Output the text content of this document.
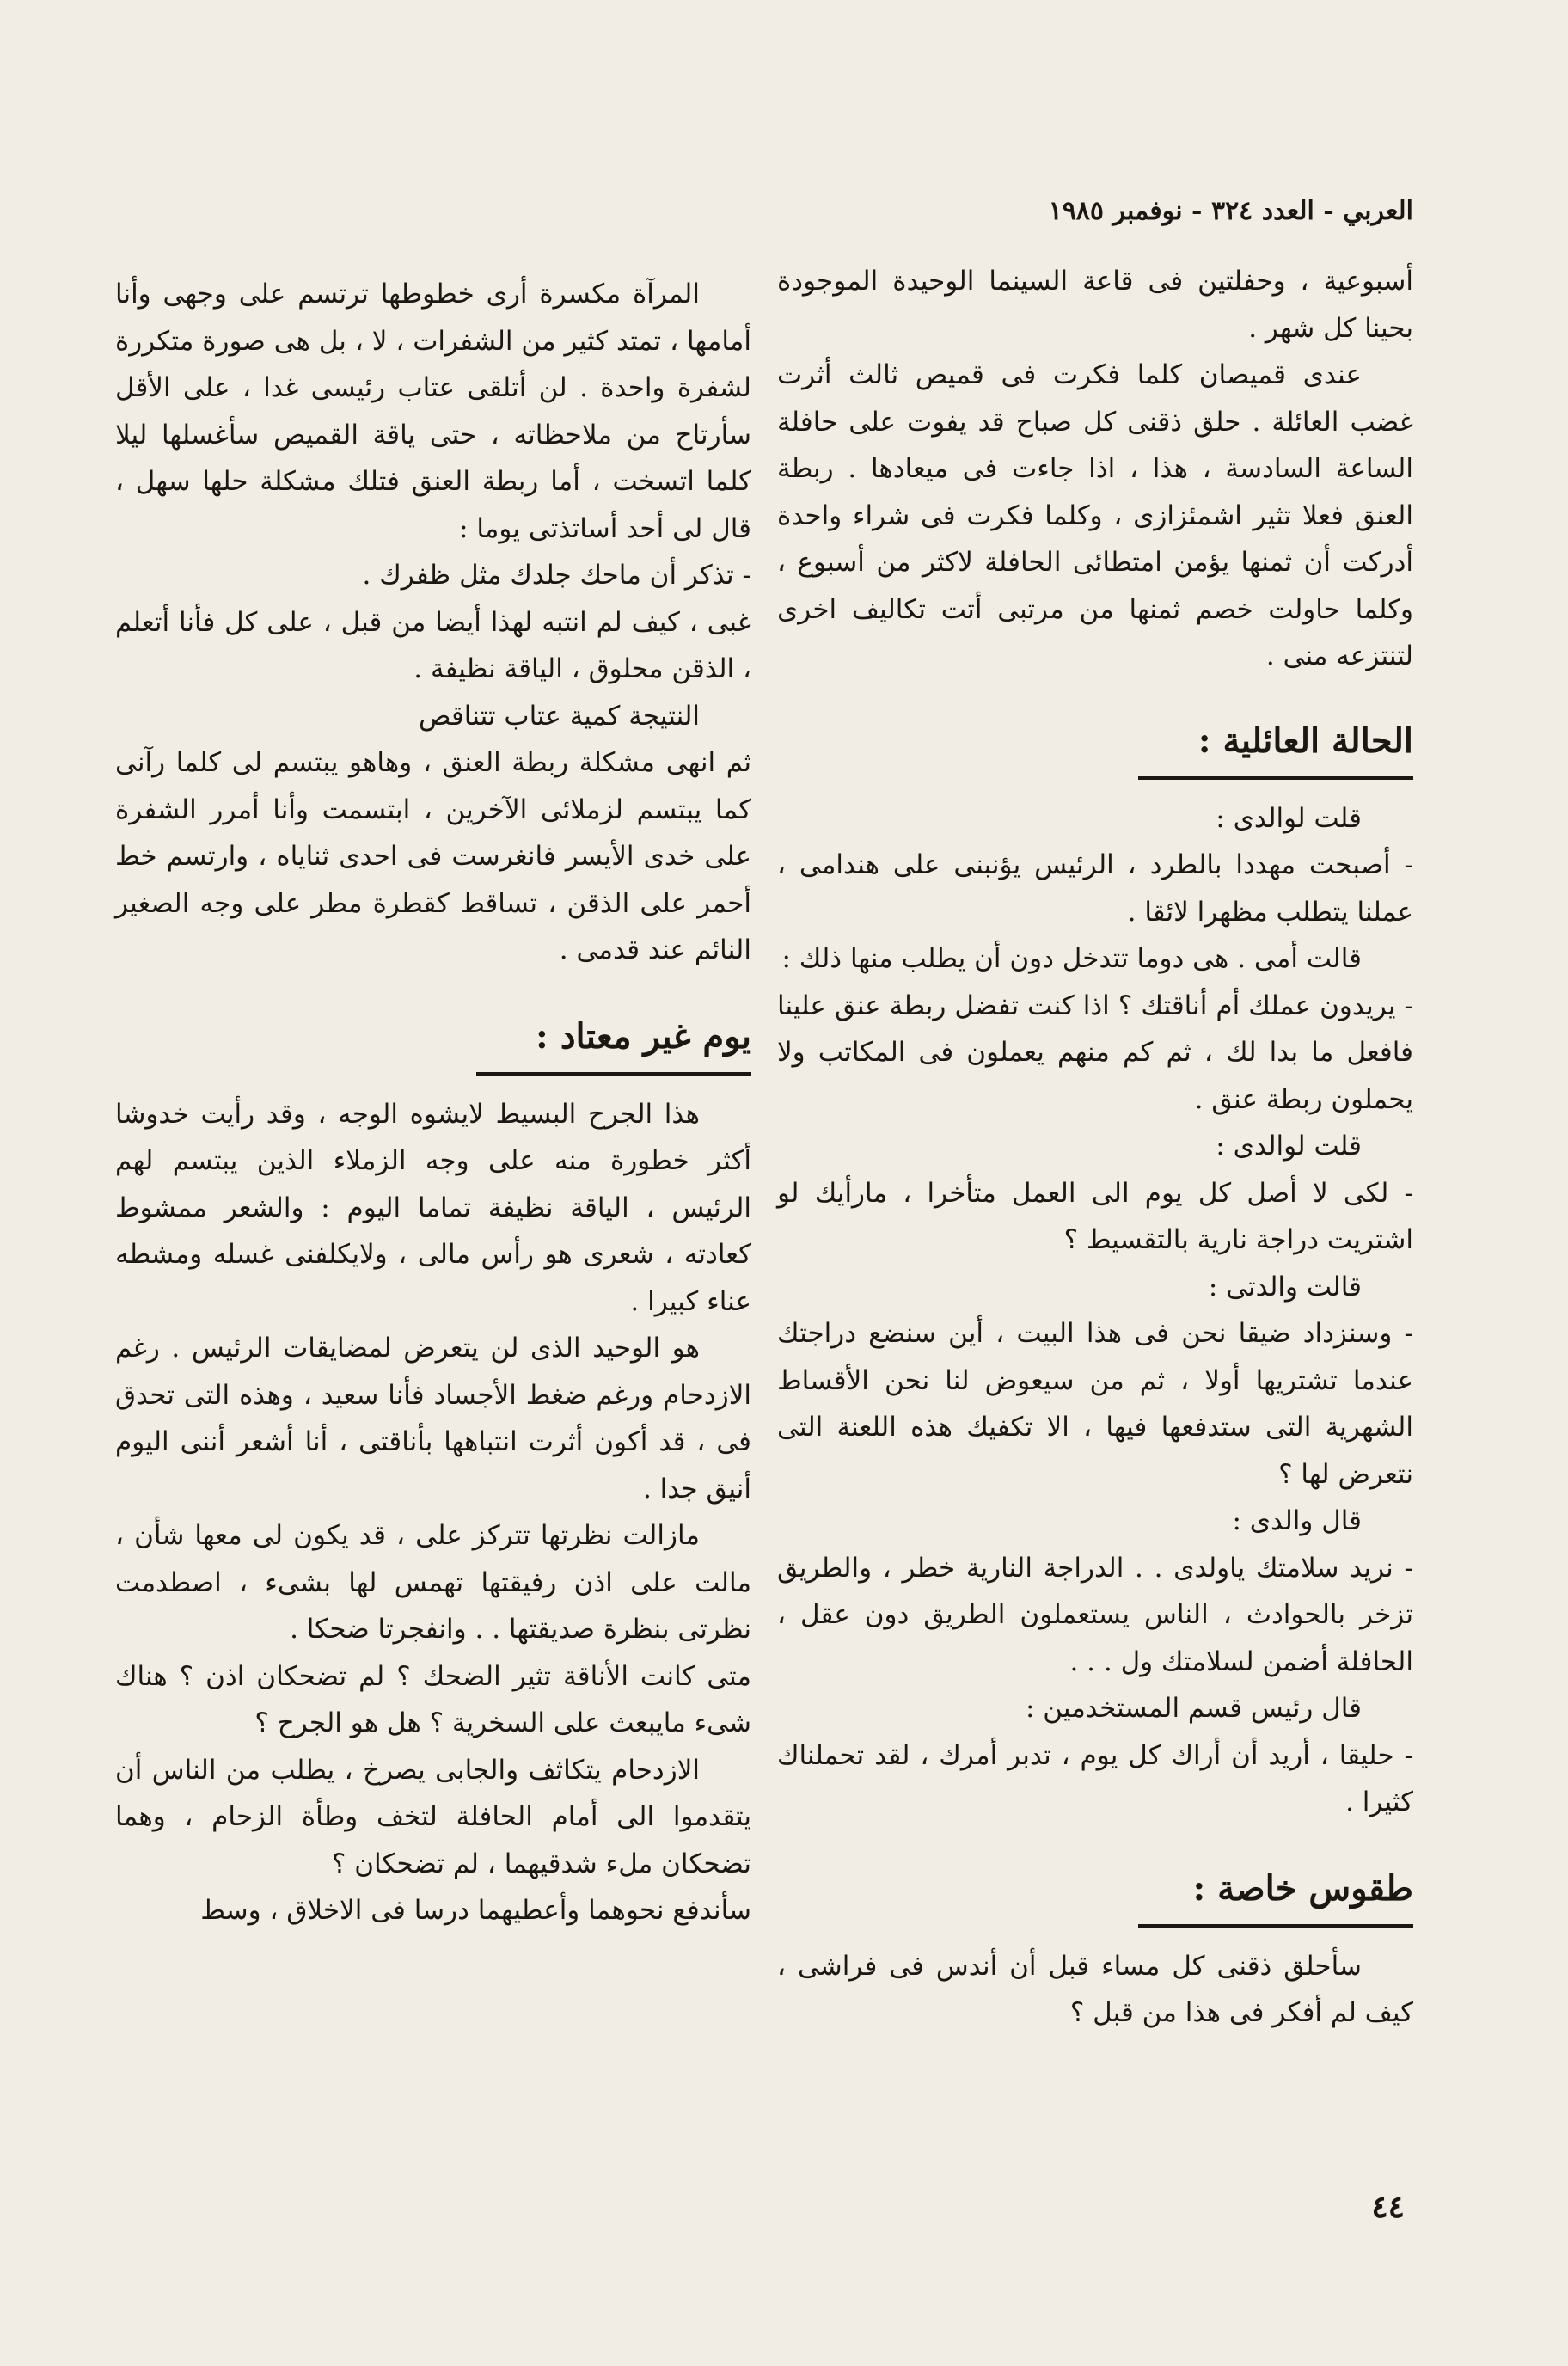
العربي - العدد ٣٢٤ - نوفمبر ١٩٨٥

أسبوعية ، وحفلتين فى قاعة السينما الوحيدة الموجودة بحينا كل شهر .

عندى قميصان كلما فكرت فى قميص ثالث أثرت غضب العائلة . حلق ذقنى كل صباح قد يفوت على حافلة الساعة السادسة ، هذا ، اذا جاءت فى ميعادها . ربطة العنق فعلا تثير اشمئزازى ، وكلما فكرت فى شراء واحدة أدركت أن ثمنها يؤمن امتطائى الحافلة لاكثر من أسبوع ، وكلما حاولت خصم ثمنها من مرتبى أتت تكاليف اخرى لتنتزعه منى .

الحالة العائلية :

قلت لوالدى :

- أصبحت مهددا بالطرد ، الرئيس يؤنبنى على هندامى ، عملنا يتطلب مظهرا لائقا .

قالت أمى . هى دوما تتدخل دون أن يطلب منها ذلك :

- يريدون عملك أم أناقتك ؟ اذا كنت تفضل ربطة عنق علينا فافعل ما بدا لك ، ثم كم منهم يعملون فى المكاتب ولا يحملون ربطة عنق .

قلت لوالدى :

- لكى لا أصل كل يوم الى العمل متأخرا ، مارأيك لو اشتريت دراجة نارية بالتقسيط ؟

قالت والدتى :

- وسنزداد ضيقا نحن فى هذا البيت ، أين سنضع دراجتك عندما تشتريها أولا ، ثم من سيعوض لنا نحن الأقساط الشهرية التى ستدفعها فيها ، الا تكفيك هذه اللعنة التى نتعرض لها ؟

قال والدى :

- نريد سلامتك ياولدى . . الدراجة النارية خطر ، والطريق تزخر بالحوادث ، الناس يستعملون الطريق دون عقل ، الحافلة أضمن لسلامتك ول . . .

قال رئيس قسم المستخدمين :

- حليقا ، أريد أن أراك كل يوم ، تدبر أمرك ، لقد تحملناك كثيرا .

طقوس خاصة :

سأحلق ذقنى كل مساء قبل أن أندس فى فراشى ، كيف لم أفكر فى هذا من قبل ؟

المرآة مكسرة أرى خطوطها ترتسم على وجهى وأنا أمامها ، تمتد كثير من الشفرات ، لا ، بل هى صورة متكررة لشفرة واحدة . لن أتلقى عتاب رئيسى غدا ، على الأقل سأرتاح من ملاحظاته ، حتى ياقة القميص سأغسلها ليلا كلما اتسخت ، أما ربطة العنق فتلك مشكلة حلها سهل ، قال لى أحد أساتذتى يوما :

- تذكر أن ماحك جلدك مثل ظفرك .

غبى ، كيف لم انتبه لهذا أيضا من قبل ، على كل فأنا أتعلم ، الذقن محلوق ، الياقة نظيفة .

النتيجة كمية عتاب تتناقص

ثم انهى مشكلة ربطة العنق ، وهاهو يبتسم لى كلما رآنى كما يبتسم لزملائى الآخرين ، ابتسمت وأنا أمرر الشفرة على خدى الأيسر فانغرست فى احدى ثناياه ، وارتسم خط أحمر على الذقن ، تساقط كقطرة مطر على وجه الصغير النائم عند قدمى .

يوم غير معتاد :

هذا الجرح البسيط لايشوه الوجه ، وقد رأيت خدوشا أكثر خطورة منه على وجه الزملاء الذين يبتسم لهم الرئيس ، الياقة نظيفة تماما اليوم : والشعر ممشوط كعادته ، شعرى هو رأس مالى ، ولايكلفنى غسله ومشطه عناء كبيرا .

هو الوحيد الذى لن يتعرض لمضايقات الرئيس . رغم الازدحام ورغم ضغط الأجساد فأنا سعيد ، وهذه التى تحدق فى ، قد أكون أثرت انتباهها بأناقتى ، أنا أشعر أننى اليوم أنيق جدا .

مازالت نظرتها تتركز على ، قد يكون لى معها شأن ، مالت على اذن رفيقتها تهمس لها بشىء ، اصطدمت نظرتى بنظرة صديقتها . . وانفجرتا ضحكا .

متى كانت الأناقة تثير الضحك ؟ لم تضحكان اذن ؟ هناك شىء مايبعث على السخرية ؟ هل هو الجرح ؟

الازدحام يتكاثف والجابى يصرخ ، يطلب من الناس أن يتقدموا الى أمام الحافلة لتخف وطأة الزحام ، وهما تضحكان ملء شدقيهما ، لم تضحكان ؟

سأندفع نحوهما وأعطيهما درسا فى الاخلاق ، وسط

٤٤
